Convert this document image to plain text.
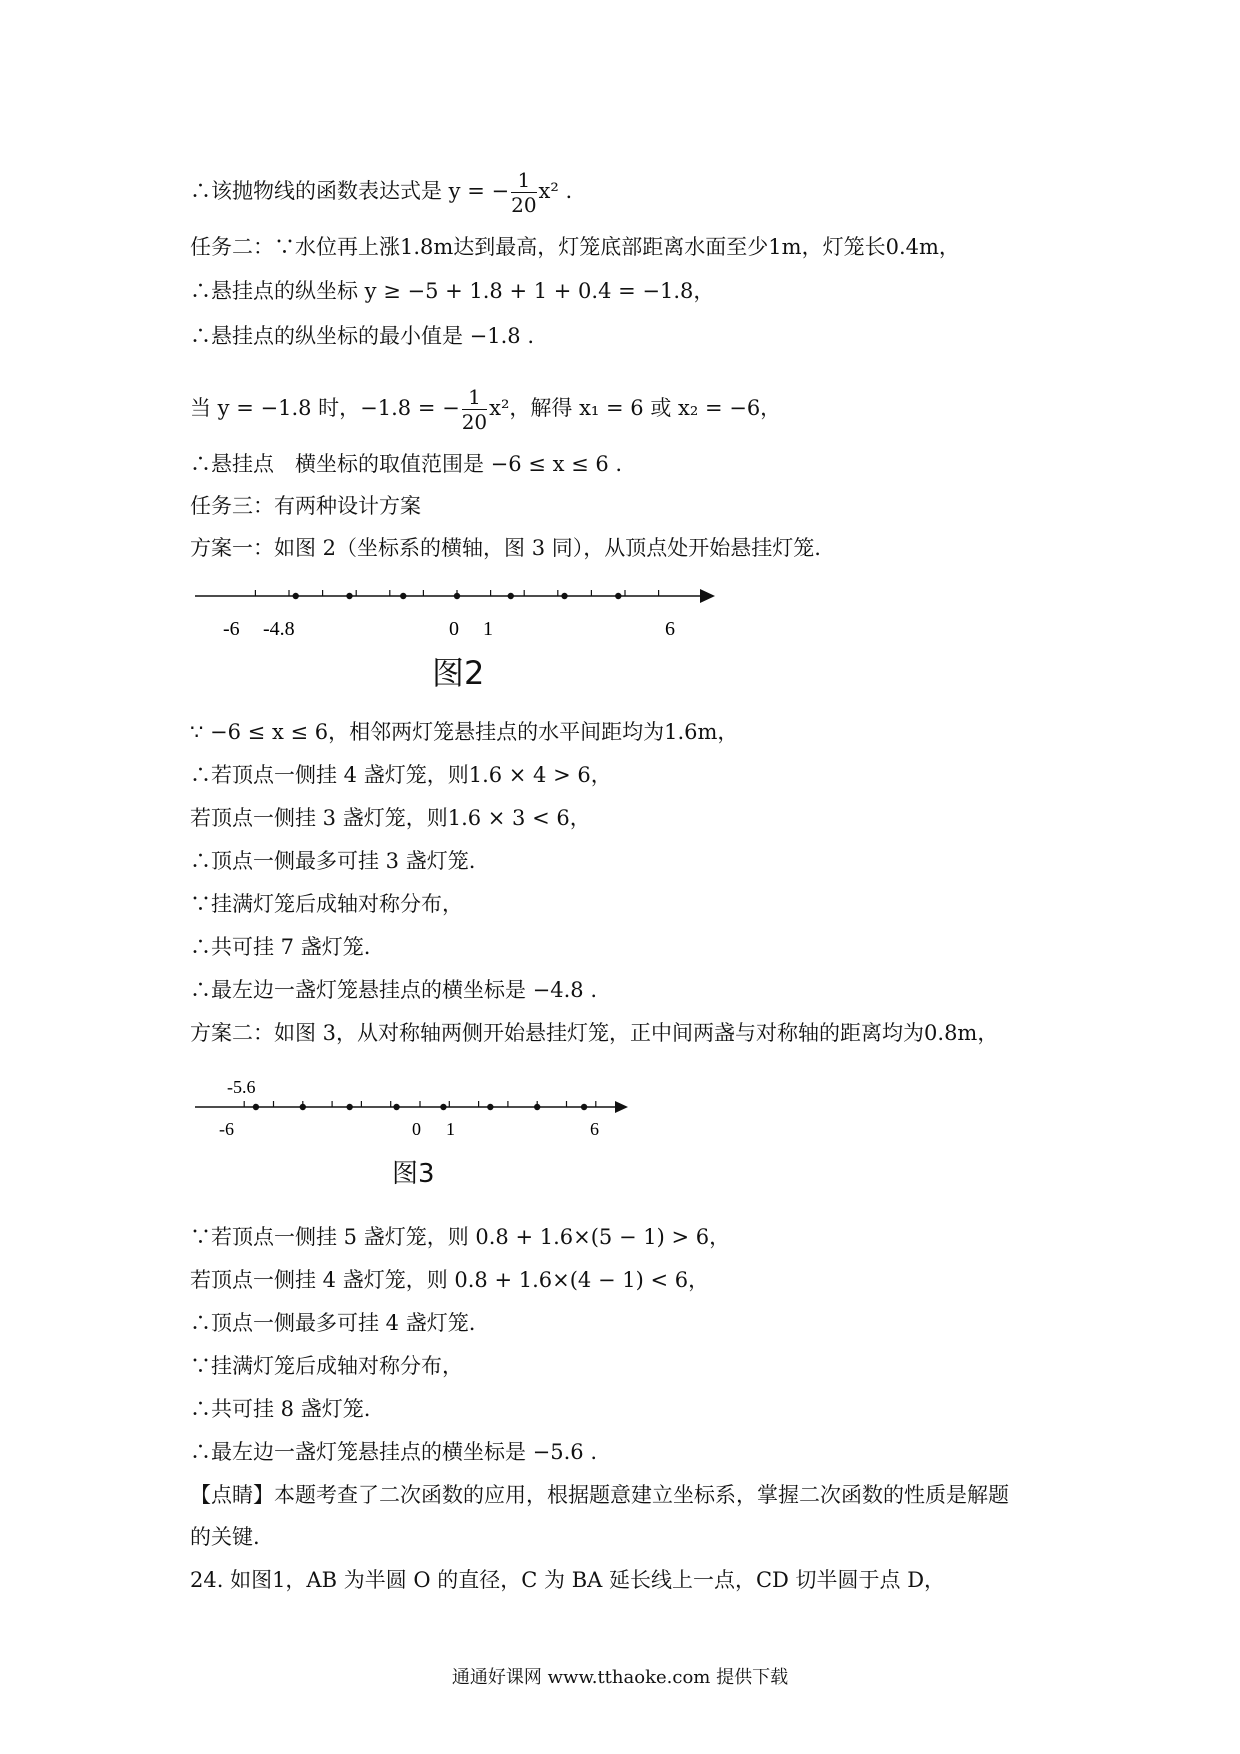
∴该抛物线的函数表达式是 y = − $\frac{1}{20} x^2$ .
任务二：∵水位再上涨1.8m达到最高，灯笼底部距离水面至少1m，灯笼长0.4m，
∴悬挂点的纵坐标 y ≥ −5 + 1.8 + 1 + 0.4 = −1.8，
∴悬挂点的纵坐标的最小值是 −1.8 .
当 y = −1.8 时，−1.8 = − $\frac{1}{20} x^2$，解得 x₁ = 6 或 x₂ = −6，
∴悬挂点　横坐标的取值范围是 −6 ≤ x ≤ 6 .
任务三：有两种设计方案
方案一：如图 2（坐标系的横轴，图 3 同），从顶点处开始悬挂灯笼.
-6 -4.8	0 1	6
图2
∵ −6 ≤ x ≤ 6，相邻两灯笼悬挂点的水平间距均为1.6m，
∴若顶点一侧挂 4 盏灯笼，则1.6 × 4 > 6，
若顶点一侧挂 3 盏灯笼，则1.6 × 3 < 6，
∴顶点一侧最多可挂 3 盏灯笼.
∵挂满灯笼后成轴对称分布，
∴共可挂 7 盏灯笼.
∴最左边一盏灯笼悬挂点的横坐标是 −4.8 .
方案二：如图 3，从对称轴两侧开始悬挂灯笼，正中间两盏与对称轴的距离均为0.8m，
-5.6
-6	0 1	6
图3
∵若顶点一侧挂 5 盏灯笼，则 0.8 + 1.6×(5 − 1) > 6，
若顶点一侧挂 4 盏灯笼，则 0.8 + 1.6×(4 − 1) < 6，
∴顶点一侧最多可挂 4 盏灯笼.
∵挂满灯笼后成轴对称分布，
∴共可挂 8 盏灯笼.
∴最左边一盏灯笼悬挂点的横坐标是 −5.6 .
【点睛】本题考查了二次函数的应用，根据题意建立坐标系，掌握二次函数的性质是解题
的关键.
24. 如图1，AB 为半圆 O 的直径，C 为 BA 延长线上一点，CD 切半圆于点 D，
通通好课网 www.tthaoke.com 提供下载
